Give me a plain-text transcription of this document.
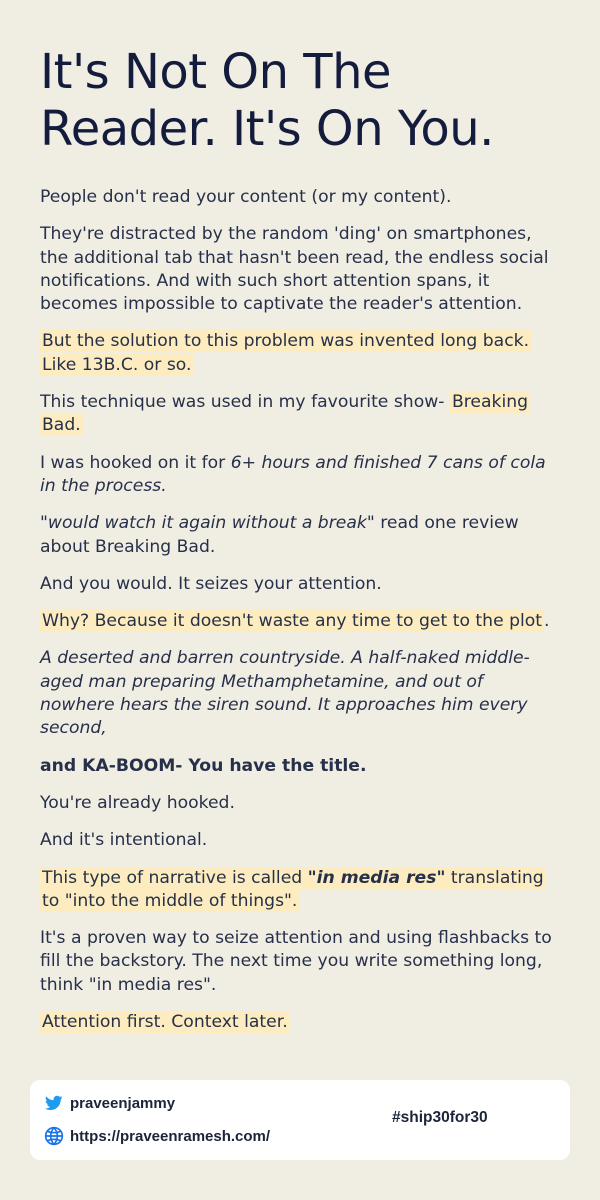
It's Not On The
Reader. It's On You.

People don't read your content (or my content).

They're distracted by the random 'ding' on smartphones, the additional tab that hasn't been read, the endless social notifications. And with such short attention spans, it becomes impossible to captivate the reader's attention.

But the solution to this problem was invented long back. Like 13B.C. or so.

This technique was used in my favourite show- Breaking Bad.

I was hooked on it for 6+ hours and finished 7 cans of cola in the process.

"would watch it again without a break" read one review about Breaking Bad.

And you would. It seizes your attention.

Why? Because it doesn't waste any time to get to the plot .

A deserted and barren countryside. A half-naked middle-aged man preparing Methamphetamine, and out of nowhere hears the siren sound. It approaches him every second,

and KA-BOOM- You have the title.

You're already hooked.

And it's intentional.

This type of narrative is called "in media res" translating to "into the middle of things".

It's a proven way to seize attention and using flashbacks to fill the backstory. The next time you write something long, think "in media res".

Attention first. Context later.

praveenjammy
https://praveenramesh.com/
#ship30for30
